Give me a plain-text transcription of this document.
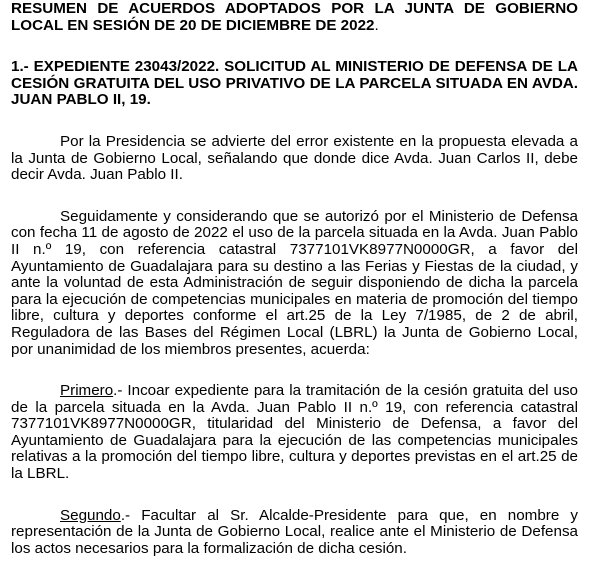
RESUMEN DE ACUERDOS ADOPTADOS POR LA JUNTA DE GOBIERNO LOCAL EN SESIÓN DE 20 DE DICIEMBRE DE 2022.

1.- EXPEDIENTE 23043/2022. SOLICITUD AL MINISTERIO DE DEFENSA DE LA CESIÓN GRATUITA DEL USO PRIVATIVO DE LA PARCELA SITUADA EN AVDA. JUAN PABLO II, 19.

Por la Presidencia se advierte del error existente en la propuesta elevada a la Junta de Gobierno Local, señalando que donde dice Avda. Juan Carlos II, debe decir Avda. Juan Pablo II.

Seguidamente y considerando que se autorizó por el Ministerio de Defensa con fecha 11 de agosto de 2022 el uso de la parcela situada en la Avda. Juan Pablo II n.º 19, con referencia catastral 7377101VK8977N0000GR, a favor del Ayuntamiento de Guadalajara para su destino a las Ferias y Fiestas de la ciudad, y ante la voluntad de esta Administración de seguir disponiendo de dicha la parcela para la ejecución de competencias municipales en materia de promoción del tiempo libre, cultura y deportes conforme el art.25 de la Ley 7/1985, de 2 de abril, Reguladora de las Bases del Régimen Local (LBRL) la Junta de Gobierno Local, por unanimidad de los miembros presentes, acuerda:

Primero.- Incoar expediente para la tramitación de la cesión gratuita del uso de la parcela situada en la Avda. Juan Pablo II n.º 19, con referencia catastral 7377101VK8977N0000GR, titularidad del Ministerio de Defensa, a favor del Ayuntamiento de Guadalajara para la ejecución de las competencias municipales relativas a la promoción del tiempo libre, cultura y deportes previstas en el art.25 de la LBRL.

Segundo.- Facultar al Sr. Alcalde-Presidente para que, en nombre y representación de la Junta de Gobierno Local, realice ante el Ministerio de Defensa los actos necesarios para la formalización de dicha cesión.
